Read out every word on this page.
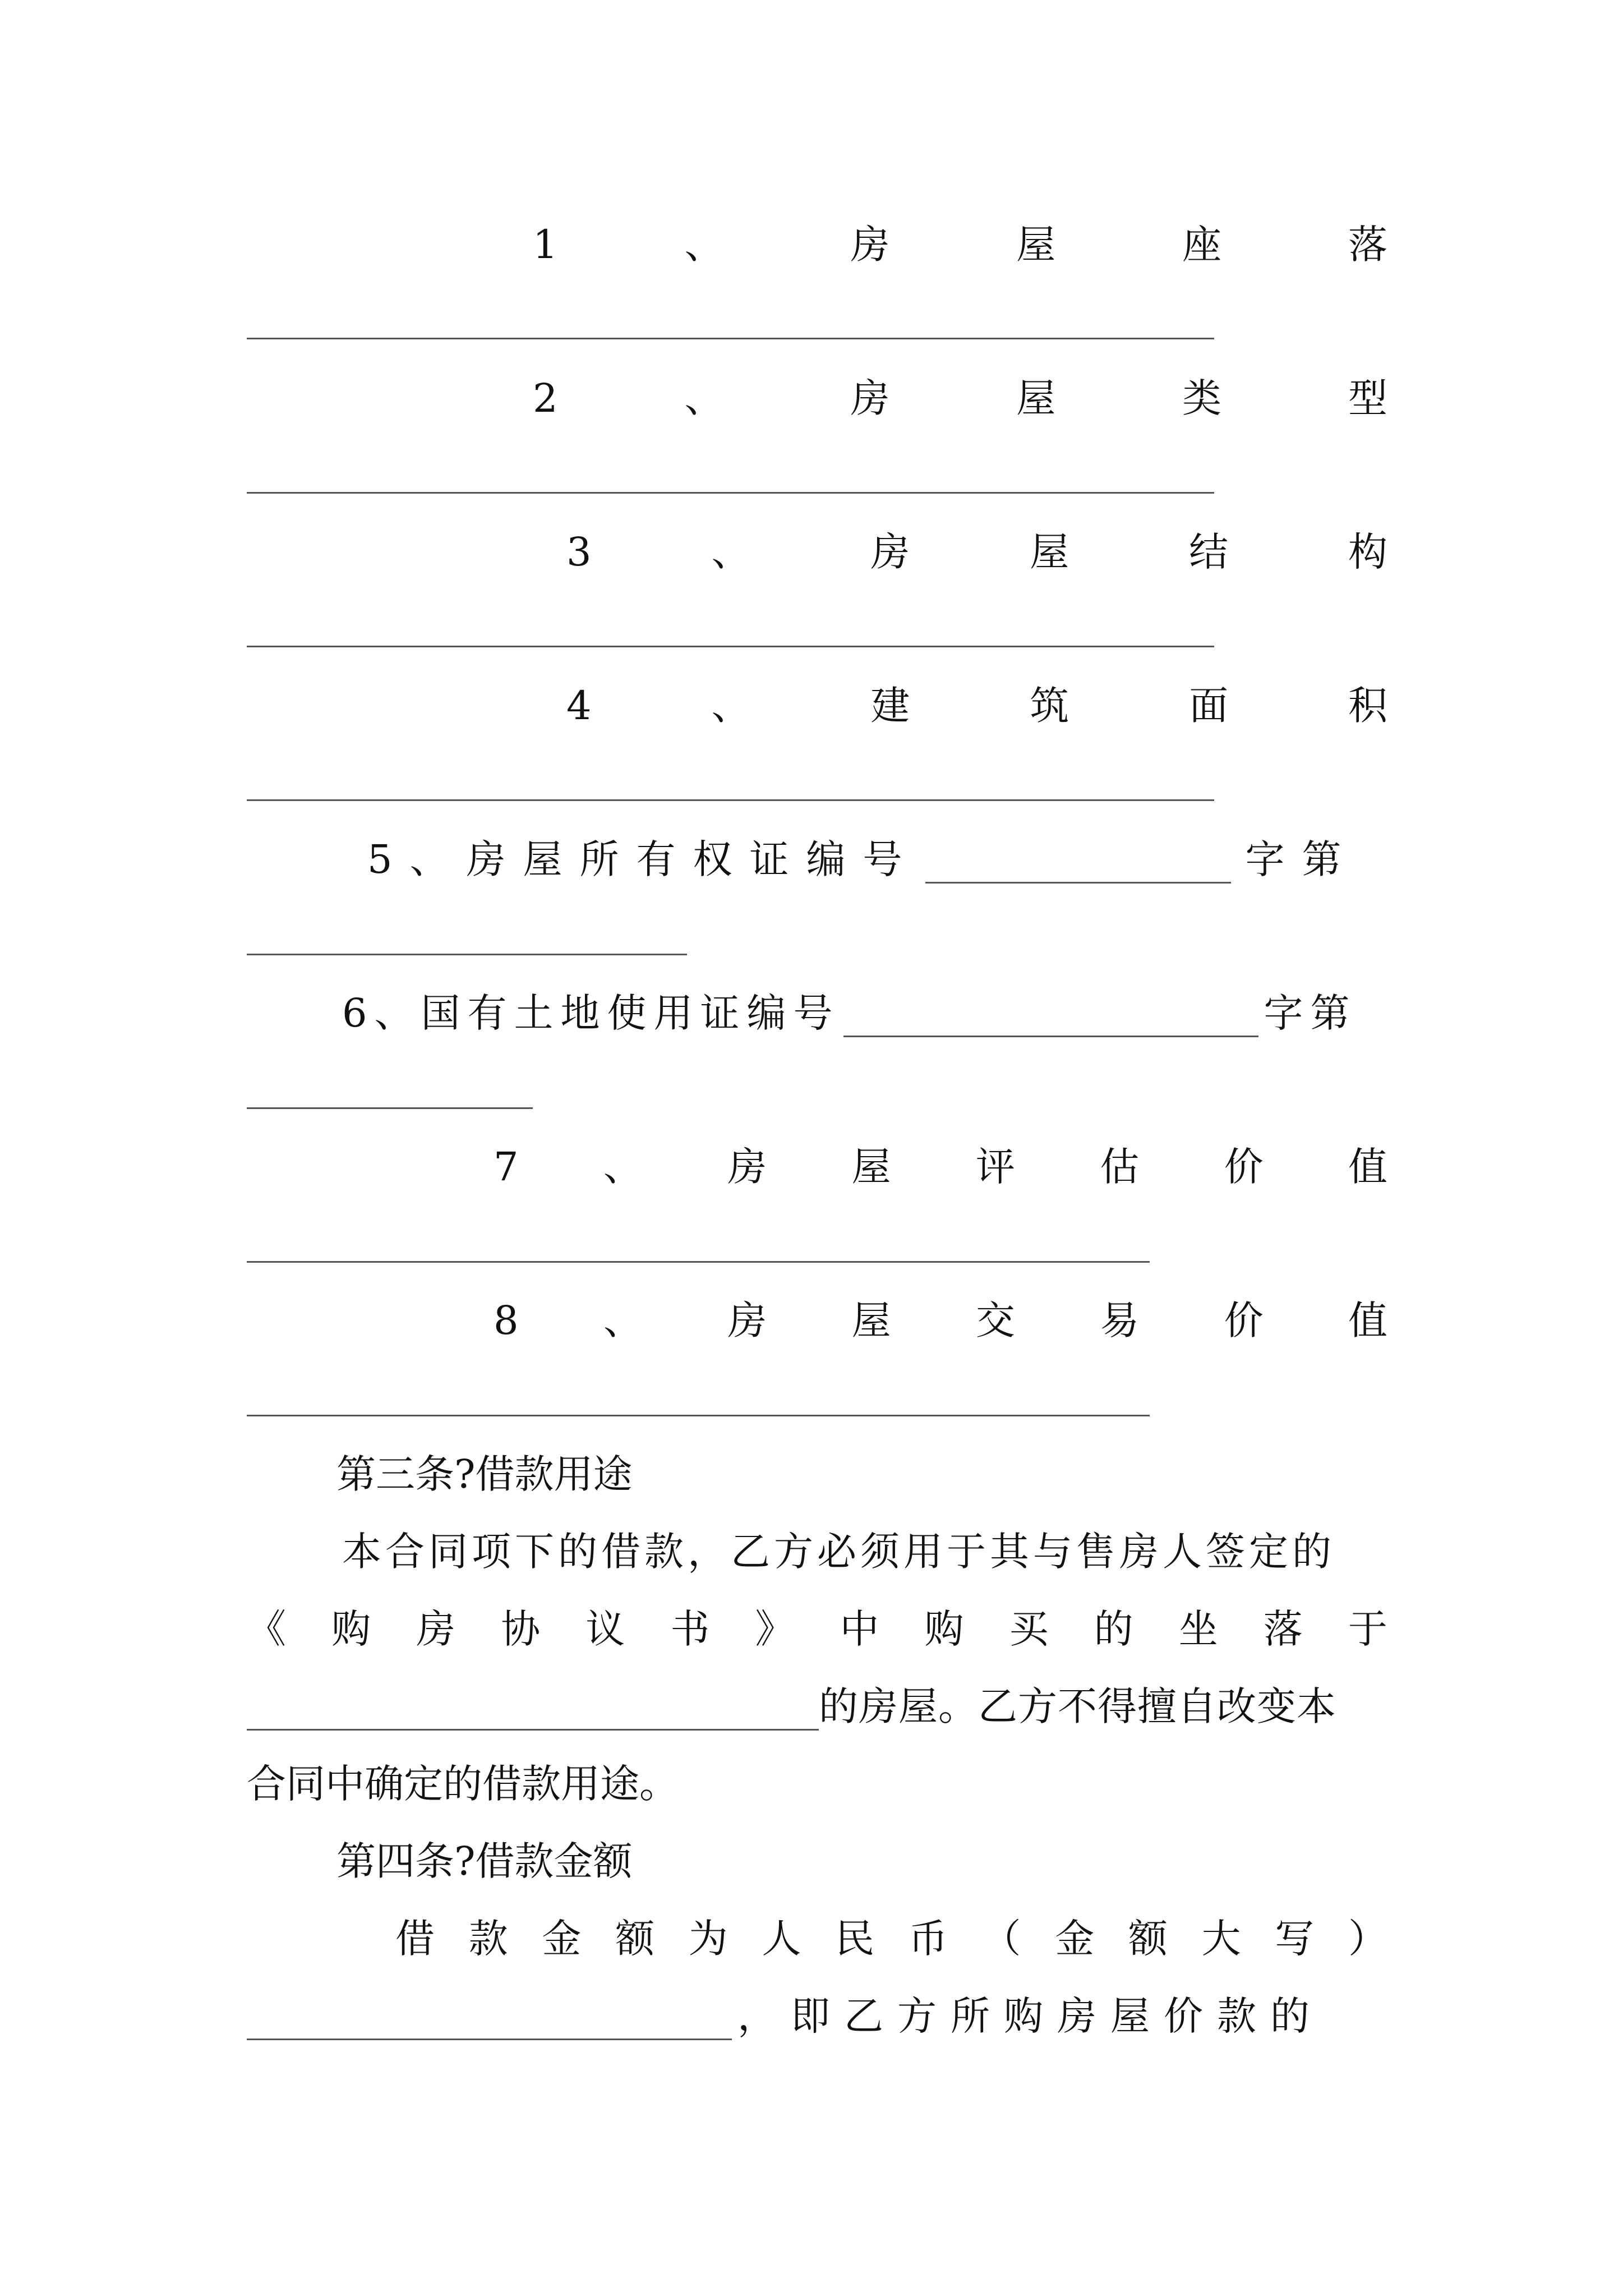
1	、	房	屋	座	落
2	、	房	屋	类	型
3	、	房	屋	结	构
4	、	建	筑	面	积
5、房屋所有权证编号	字第
6、国有土地使用证编号	字第
7 、 房 屋 评 估 价 值
8 、 房 屋 交 易 价 值
第三条?借款用途
本合同项下的借款，乙方必须用于其与售房人签定的
《 购 房 协 议 书 》 中 购 买 的 坐 落 于
的房屋。乙方不得擅自改变本
合同中确定的借款用途。
第四条?借款金额
借 款 金 额 为 人 民 币 （ 金 额 大 写 ）
，即乙方所购房屋价款的
